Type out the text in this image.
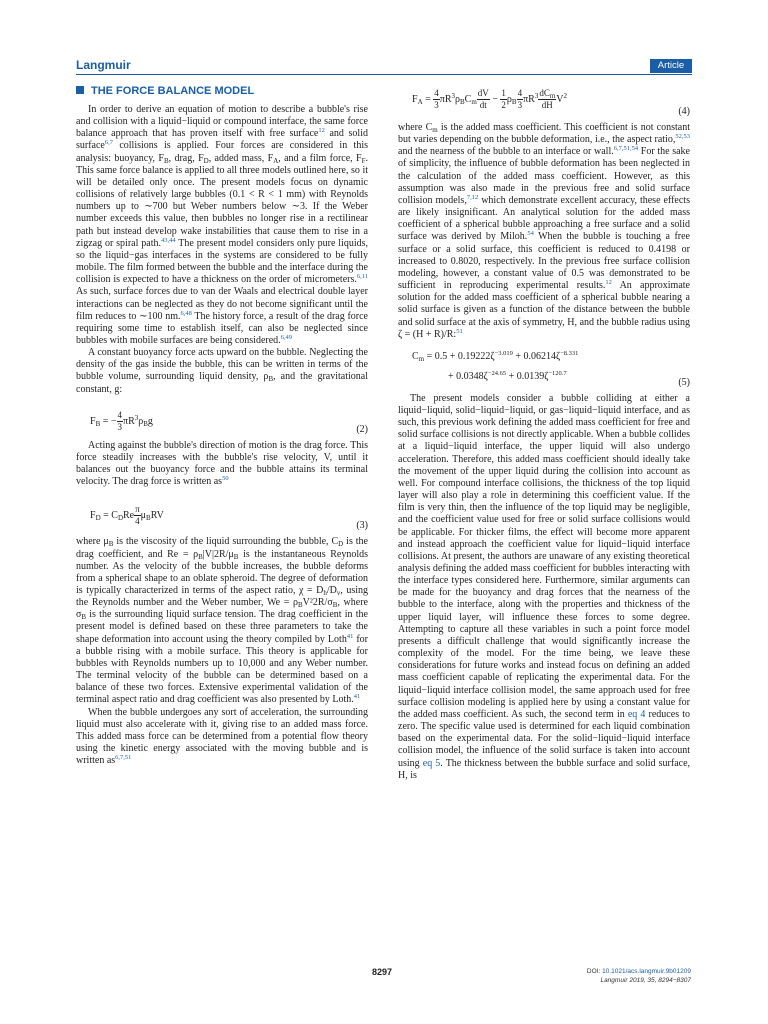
Langmuir	Article
THE FORCE BALANCE MODEL

In order to derive an equation of motion to describe a bubble's rise and collision with a liquid−liquid or compound interface, the same force balance approach that has proven itself with free surface$^{12}$ and solid surface$^{6,7}$ collisions is applied. Four forces are considered in this analysis: buoyancy, $F_B$, drag, $F_D$, added mass, $F_A$, and a film force, $F_F$. This same force balance is applied to all three models outlined here, so it will be detailed only once. The present models focus on dynamic collisions of relatively large bubbles (0.1 < R < 1 mm) with Reynolds numbers up to ∼700 but Weber numbers below ∼3. If the Weber number exceeds this value, then bubbles no longer rise in a rectilinear path but instead develop wake instabilities that cause them to rise in a zigzag or spiral path.$^{43,44}$ The present model considers only pure liquids, so the liquid−gas interfaces in the systems are considered to be fully mobile. The film formed between the bubble and the interface during the collision is expected to have a thickness on the order of micrometers.$^{6,11}$ As such, surface forces due to van der Waals and electrical double layer interactions can be neglected as they do not become significant until the film reduces to ∼100 nm.$^{6,48}$ The history force, a result of the drag force requiring some time to establish itself, can also be neglected since bubbles with mobile surfaces are being considered.$^{6,49}$

A constant buoyancy force acts upward on the bubble. Neglecting the density of the gas inside the bubble, this can be written in terms of the bubble volume, surrounding liquid density, $\rho_B$, and the gravitational constant, g:

$F_B$ = − $\frac{4}{3} \pi R^3\rho_Bg$
(2)

Acting against the bubble's direction of motion is the drag force. This force steadily increases with the bubble's rise velocity, V, until it balances out the buoyancy force and the bubble attains its terminal velocity. The drag force is written as$^{50}$

$F_D = C_DRe \frac{\pi}{4} \mu_BRV$
(3)

where $\mu_B$ is the viscosity of the liquid surrounding the bubble, $C_D$ is the drag coefficient, and $Re = \rho_B|V|2R/\mu_B$ is the instantaneous Reynolds number. As the velocity of the bubble increases, the bubble deforms from a spherical shape to an oblate spheroid. The degree of deformation is typically characterized in terms of the aspect ratio, $\chi = D_h/D_v$, using the Reynolds number and the Weber number, $We = \rho_BV^22R/\sigma_B$, where $\sigma_B$ is the surrounding liquid surface tension. The drag coefficient in the present model is defined based on these three parameters to take the shape deformation into account using the theory compiled by Loth$^{41}$ for a bubble rising with a mobile surface. This theory is applicable for bubbles with Reynolds numbers up to 10,000 and any Weber number. The terminal velocity of the bubble can be determined based on a balance of these two forces. Extensive experimental validation of the terminal aspect ratio and drag coefficient was also presented by Loth.$^{41}$

When the bubble undergoes any sort of acceleration, the surrounding liquid must also accelerate with it, giving rise to an added mass force. This added mass force can be determined from a potential flow theory using the kinetic energy associated with the moving bubble and is written as$^{6,7,51}$

$F_A = \frac{4}{3} \pi R^3\rho_BC_m \frac{dV}{dt} - \frac{1}{2} \rho_B \frac{4}{3} \pi R^3 \frac{dC_m}{dH} V^2$
(4)

where $C_m$ is the added mass coefficient. This coefficient is not constant but varies depending on the bubble deformation, i.e., the aspect ratio,$^{52,53}$ and the nearness of the bubble to an interface or wall.$^{6,7,51,54}$ For the sake of simplicity, the influence of bubble deformation has been neglected in the calculation of the added mass coefficient. However, as this assumption was also made in the previous free and solid surface collision models,$^{7,12}$ which demonstrate excellent accuracy, these effects are likely insignificant. An analytical solution for the added mass coefficient of a spherical bubble approaching a free surface and a solid surface was derived by Miloh.$^{54}$ When the bubble is touching a free surface or a solid surface, this coefficient is reduced to 0.4198 or increased to 0.8020, respectively. In the previous free surface collision modeling, however, a constant value of 0.5 was demonstrated to be sufficient in reproducing experimental results.$^{12}$ An approximate solution for the added mass coefficient of a spherical bubble nearing a solid surface is given as a function of the distance between the bubble and solid surface at the axis of symmetry, H, and the bubble radius using ζ = (H + R)/R:$^{51}$

$C_m = 0.5 + 0.19222\zeta^{-3.019} + 0.06214\zeta^{-8.331}$
+ $0.0348\zeta^{-24.65} + 0.0139\zeta^{-120.7}$
(5)

The present models consider a bubble colliding at either a liquid−liquid, solid−liquid−liquid, or gas−liquid−liquid interface, and as such, this previous work defining the added mass coefficient for free and solid surface collisions is not directly applicable. When a bubble collides at a liquid−liquid interface, the upper liquid will also undergo acceleration. Therefore, this added mass coefficient should ideally take the movement of the upper liquid during the collision into account as well. For compound interface collisions, the thickness of the top liquid layer will also play a role in determining this coefficient value. If the film is very thin, then the influence of the top liquid may be negligible, and the coefficient value used for free or solid surface collisions would be applicable. For thicker films, the effect will become more apparent and instead approach the coefficient value for liquid−liquid interface collisions. At present, the authors are unaware of any existing theoretical analysis defining the added mass coefficient for bubbles interacting with the interface types considered here. Furthermore, similar arguments can be made for the buoyancy and drag forces that the nearness of the bubble to the interface, along with the properties and thickness of the upper liquid layer, will influence these forces to some degree. Attempting to capture all these variables in such a point force model presents a difficult challenge that would significantly increase the complexity of the model. For the time being, we leave these considerations for future works and instead focus on defining an added mass coefficient capable of replicating the experimental data. For the liquid−liquid interface collision model, the same approach used for free surface collision modeling is applied here by using a constant value for the added mass coefficient. As such, the second term in eq 4 reduces to zero. The specific value used is determined for each liquid combination based on the experimental data. For the solid−liquid−liquid interface collision model, the influence of the solid surface is taken into account using eq 5. The thickness between the bubble surface and solid surface, H, is

8297	DOI: 10.1021/acs.langmuir.9b01209
Langmuir 2019, 35, 8294−8307
